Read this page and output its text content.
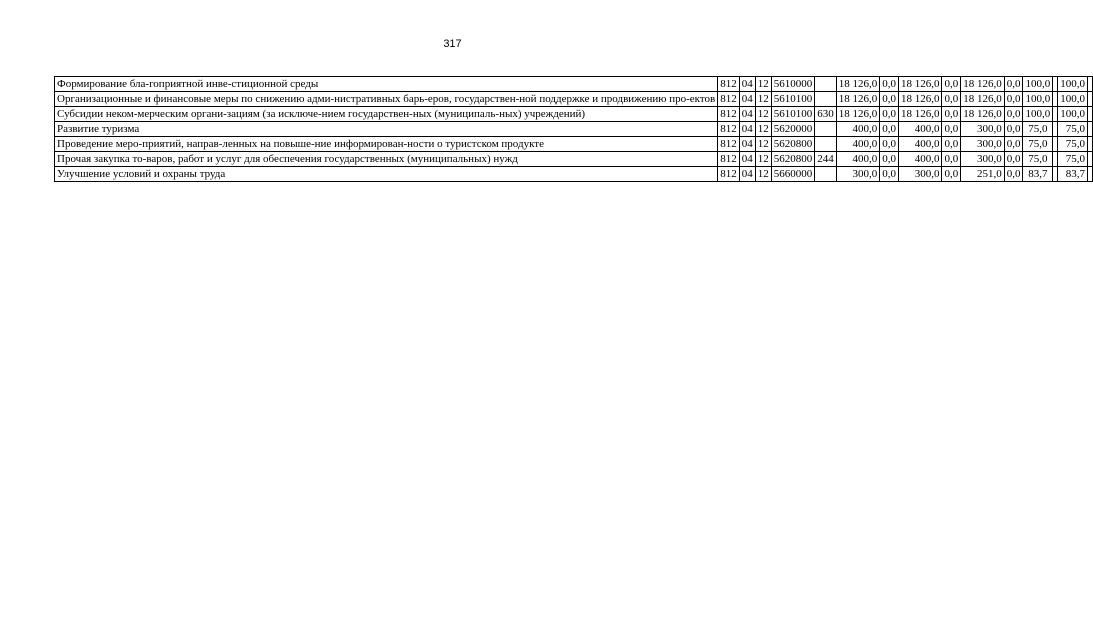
317
Формирование бла-гоприятной инве-стиционной среды	812	04	12	5610000		18 126,0	0,0	18 126,0	0,0	18 126,0	0,0	100,0		100,0	
Организационные и финансовые меры по снижению адми-нистративных барь-еров, государствен-ной поддержке и продвижению про-ектов	812	04	12	5610100		18 126,0	0,0	18 126,0	0,0	18 126,0	0,0	100,0		100,0	
Субсидии неком-мерческим органи-зациям (за исключе-нием государствен-ных (муниципаль-ных) учреждений)	812	04	12	5610100	630	18 126,0	0,0	18 126,0	0,0	18 126,0	0,0	100,0		100,0	
Развитие туризма	812	04	12	5620000		400,0	0,0	400,0	0,0	300,0	0,0	75,0		75,0	
Проведение меро-приятий, направ-ленных на повыше-ние информирован-ности о туристском продукте	812	04	12	5620800		400,0	0,0	400,0	0,0	300,0	0,0	75,0		75,0	
Прочая закупка то-варов, работ и услуг для обеспечения государственных (муниципальных) нужд	812	04	12	5620800	244	400,0	0,0	400,0	0,0	300,0	0,0	75,0		75,0	
Улучшение условий и охраны труда	812	04	12	5660000		300,0	0,0	300,0	0,0	251,0	0,0	83,7		83,7	
